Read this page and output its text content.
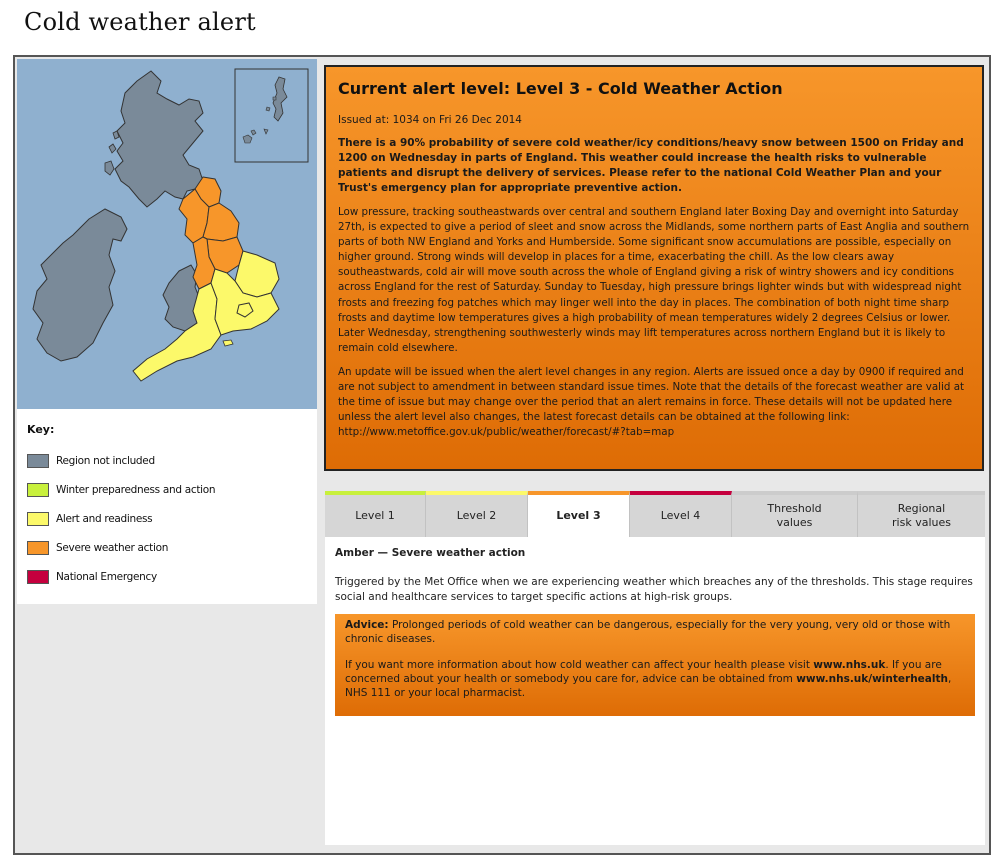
Cold weather alert
Key:
Region not included
Winter preparedness and action
Alert and readiness
Severe weather action
National Emergency
Current alert level: Level 3 - Cold Weather Action

Issued at: 1034 on Fri 26 Dec 2014

There is a 90% probability of severe cold weather/icy conditions/heavy snow between 1500 on Friday and 1200 on Wednesday in parts of England. This weather could increase the health risks to vulnerable patients and disrupt the delivery of services. Please refer to the national Cold Weather Plan and your Trust's emergency plan for appropriate preventive action.

Low pressure, tracking southeastwards over central and southern England later Boxing Day and overnight into Saturday 27th, is expected to give a period of sleet and snow across the Midlands, some northern parts of East Anglia and southern parts of both NW England and Yorks and Humberside. Some significant snow accumulations are possible, especially on higher ground. Strong winds will develop in places for a time, exacerbating the chill. As the low clears away southeastwards, cold air will move south across the whole of England giving a risk of wintry showers and icy conditions across England for the rest of Saturday. Sunday to Tuesday, high pressure brings lighter winds but with widespread night frosts and freezing fog patches which may linger well into the day in places. The combination of both night time sharp frosts and daytime low temperatures gives a high probability of mean temperatures widely 2 degrees Celsius or lower. Later Wednesday, strengthening southwesterly winds may lift temperatures across northern England but it is likely to remain cold elsewhere.

An update will be issued when the alert level changes in any region. Alerts are issued once a day by 0900 if required and are not subject to amendment in between standard issue times. Note that the details of the forecast weather are valid at the time of issue but may change over the period that an alert remains in force. These details will not be updated here unless the alert level also changes, the latest forecast details can be obtained at the following link: http://www.metoffice.gov.uk/public/weather/forecast/#?tab=map

Level 1	Level 2	Level 3	Level 4
Threshold
values
Regional
risk values
Amber — Severe weather action

Triggered by the Met Office when we are experiencing weather which breaches any of the thresholds. This stage requires social and healthcare services to target specific actions at high-risk groups.

Advice: Prolonged periods of cold weather can be dangerous, especially for the very young, very old or those with chronic diseases.

If you want more information about how cold weather can affect your health please visit www.nhs.uk. If you are concerned about your health or somebody you care for, advice can be obtained from www.nhs.uk/winterhealth, NHS 111 or your local pharmacist.
